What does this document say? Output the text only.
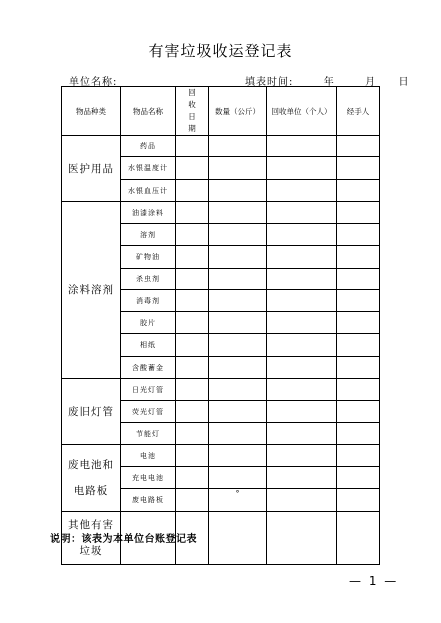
有害垃圾收运登记表
单位名称:	填表时间:	年	月 日
物品种类	物品名称	回收日期	数量（公斤）	回收单位（个人）	经手人
医护用品	药品				
	水银温度计				
	水银血压计				
涂料溶剂	油漆涂料				
	溶剂				
	矿物油				
	杀虫剂				
	消毒剂				
	胶片				
	相纸				
	含酸蓄金				
废旧灯管	日光灯管				
	荧光灯管				
	节能灯				

废电池和
电路板	电池				
	充电电池				
	废电路板		°		

其他有害
垃圾					

说明：该表为本单位台账登记表
— 1 —
